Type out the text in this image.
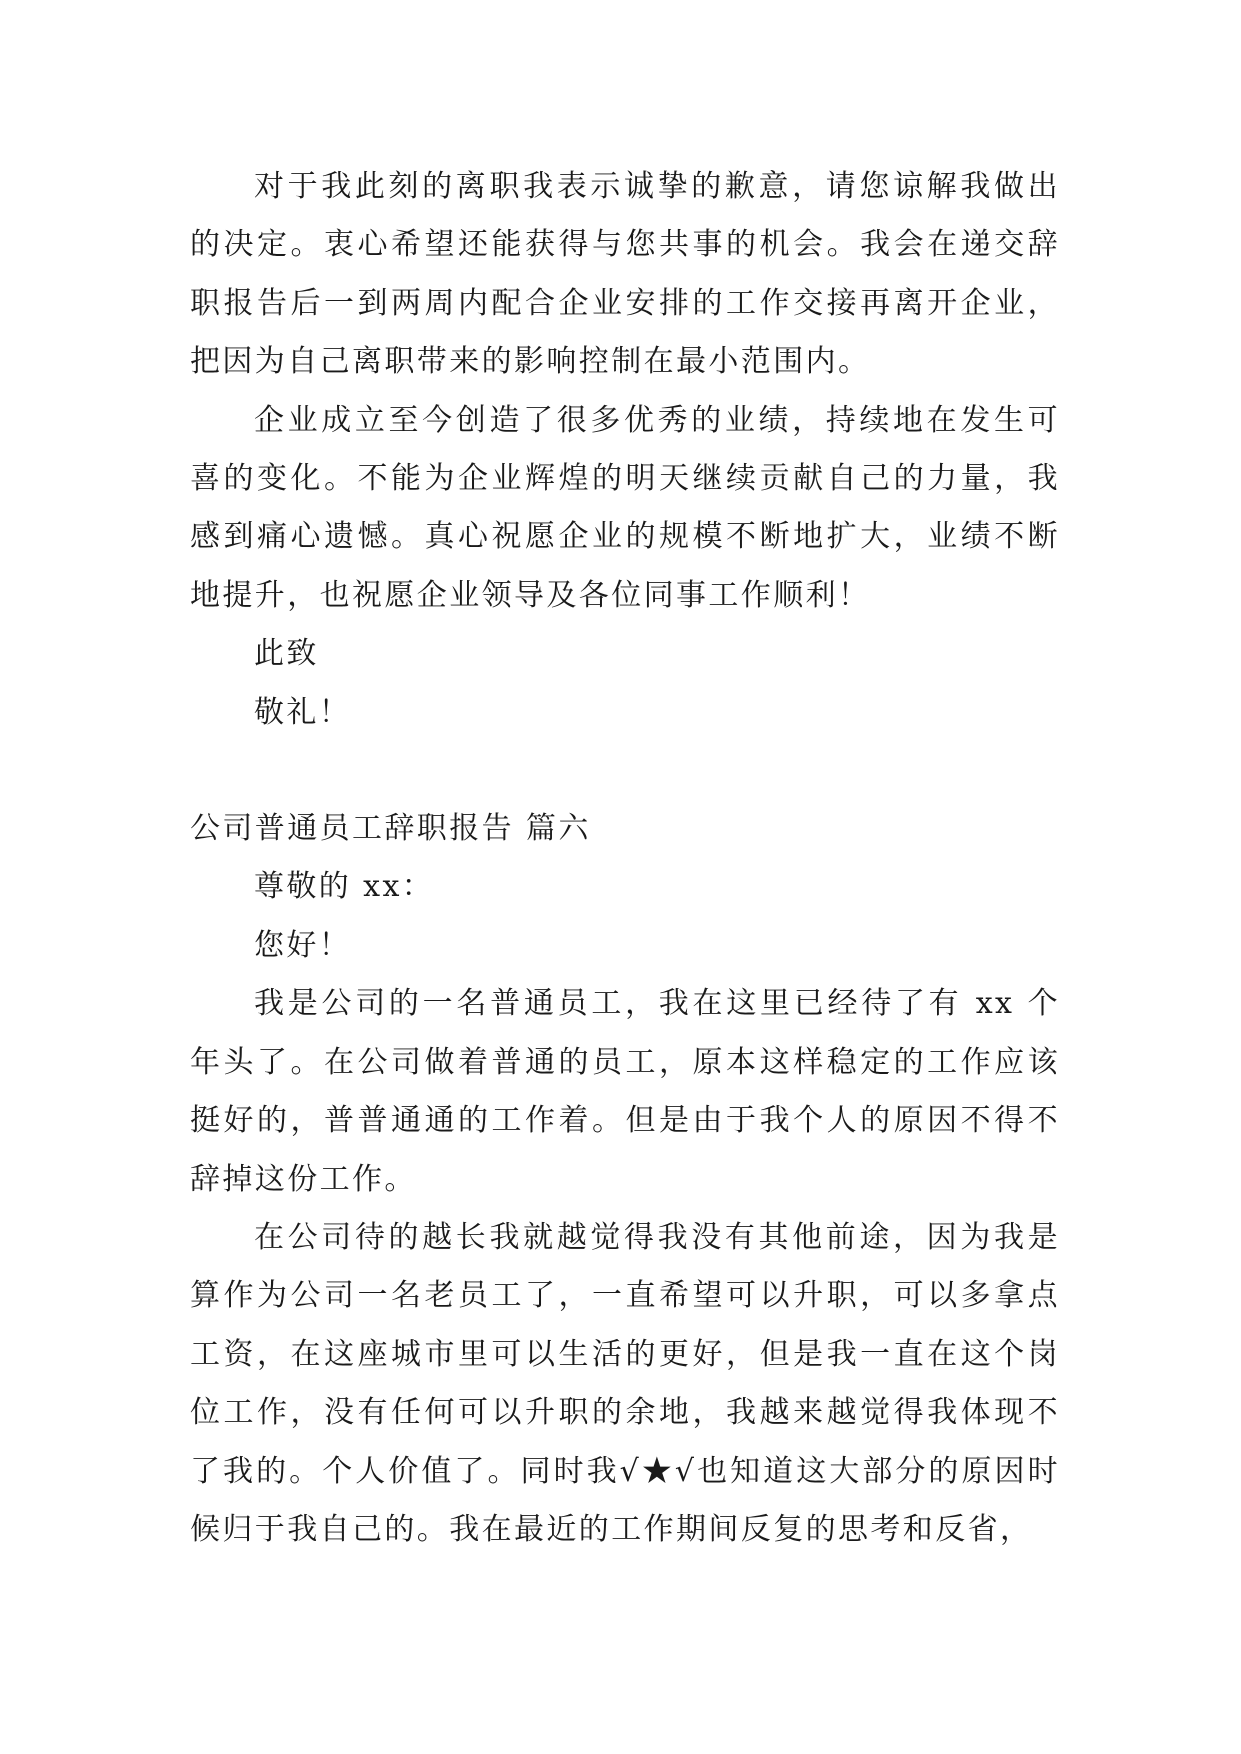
对于我此刻的离职我表示诚挚的歉意，请您谅解我做出的决定。衷心希望还能获得与您共事的机会。我会在递交辞职报告后一到两周内配合企业安排的工作交接再离开企业，把因为自己离职带来的影响控制在最小范围内。

企业成立至今创造了很多优秀的业绩，持续地在发生可喜的变化。不能为企业辉煌的明天继续贡献自己的力量，我感到痛心遗憾。真心祝愿企业的规模不断地扩大，业绩不断地提升，也祝愿企业领导及各位同事工作顺利！

此致

敬礼！

公司普通员工辞职报告 篇六

尊敬的 xx：

您好！

我是公司的一名普通员工，我在这里已经待了有 xx 个年头了。在公司做着普通的员工，原本这样稳定的工作应该挺好的，普普通通的工作着。但是由于我个人的原因不得不辞掉这份工作。

在公司待的越长我就越觉得我没有其他前途，因为我是算作为公司一名老员工了，一直希望可以升职，可以多拿点工资，在这座城市里可以生活的更好，但是我一直在这个岗位工作，没有任何可以升职的余地，我越来越觉得我体现不了我的。个人价值了。同时我√★√也知道这大部分的原因时候归于我自己的。我在最近的工作期间反复的思考和反省，
